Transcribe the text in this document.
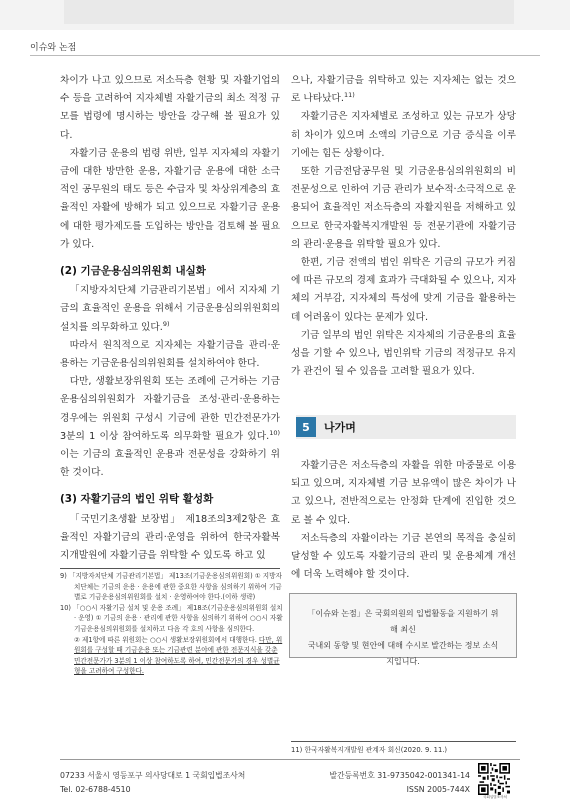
이슈와 논점

차이가 나고 있으므로 저소득층 현황 및 자활기업의 수 등을 고려하여 지자체별 자활기금의 최소 적정 규모를 법령에 명시하는 방안을 강구해 볼 필요가 있다.

자활기금 운용의 법령 위반, 일부 지자체의 자활기금에 대한 방만한 운용, 자활기금 운용에 대한 소극적인 공무원의 태도 등은 수급자 및 차상위계층의 효율적인 자활에 방해가 되고 있으므로 자활기금 운용에 대한 평가제도를 도입하는 방안을 검토해 볼 필요가 있다.

(2) 기금운용심의위원회 내실화

「지방자치단체 기금관리기본법」에서 지자체 기금의 효율적인 운용을 위해서 기금운용심의위원회의 설치를 의무화하고 있다.$^{9)}$

따라서 원칙적으로 지자체는 자활기금을 관리·운용하는 기금운용심의위원회를 설치하여야 한다.

다만, 생활보장위원회 또는 조례에 근거하는 기금운용심의위원회가 자활기금을 조성·관리·운용하는 경우에는 위원회 구성시 기금에 관한 민간전문가가 3분의 1 이상 참여하도록 의무화할 필요가 있다.$^{10)}$ 이는 기금의 효율적인 운용과 전문성을 강화하기 위한 것이다.

(3) 자활기금의 법인 위탁 활성화

「국민기초생활 보장법」 제18조의3제2항은 효율적인 자활기금의 관리·운영을 위하여 한국자활복지개발원에 자활기금을 위탁할 수 있도록 하고 있

으나, 자활기금을 위탁하고 있는 지자체는 없는 것으로 나타났다.$^{11)}$

자활기금은 지자체별로 조성하고 있는 규모가 상당히 차이가 있으며 소액의 기금으로 기금 증식을 이루기에는 힘든 상황이다.

또한 기금전담공무원 및 기금운용심의위원회의 비전문성으로 인하여 기금 관리가 보수적·소극적으로 운용되어 효율적인 저소득층의 자활지원을 저해하고 있으므로 한국자활복지개발원 등 전문기관에 자활기금의 관리·운용을 위탁할 필요가 있다.

한편, 기금 전액의 법인 위탁은 기금의 규모가 커짐에 따른 규모의 경제 효과가 극대화될 수 있으나, 지자체의 거부감, 지자체의 특성에 맞게 기금을 활용하는데 어려움이 있다는 문제가 있다.

기금 일부의 법인 위탁은 지자체의 기금운용의 효율성을 기할 수 있으나, 법인위탁 기금의 적정규모 유지가 관건이 될 수 있음을 고려할 필요가 있다.

5	나가며

자활기금은 저소득층의 자활을 위한 마중물로 이용되고 있으며, 지자체별 기금 보유액이 많은 차이가 나고 있으나, 전반적으로는 안정화 단계에 진입한 것으로 볼 수 있다.

저소득층의 자활이라는 기금 본연의 목적을 충실히 달성할 수 있도록 자활기금의 관리 및 운용체계 개선에 더욱 노력해야 할 것이다.

「이슈와 논점」은 국회의원의 입법활동을 지원하기 위해 최신
국내외 동향 및 현안에 대해 수시로 발간하는 정보 소식지입니다.
9) 「지방자치단체 기금관리기본법」 제13조(기금운용심의위원회) ① 지방자치단체는 기금의 운용 · 운용에 관한 중요한 사항을 심의하기 위하여 기금별로 기금운용심의위원회를 설치 · 운영하여야 한다.(이하 생략)
10) 「○○시 자활기금 설치 및 운용 조례」 제18조(기금운용심의위원회 설치 · 운영) ① 기금의 운용 · 관리에 관한 사항을 심의하기 위하여 ○○시 자활기금운용심의위원회를 설치하고 다음 각 호의 사항을 심의한다.
② 제1항에 따른 위원회는 ○○시 생활보장위원회에서 대행한다. 다만, 위원회를 구성할 때 기금운용 또는 기금관련 분야에 관한 전문지식을 갖춘 민간전문가가 3분의 1 이상 참여하도록 하여, 민간전문가의 경우 성별균형을 고려하여 구성한다.
11) 한국자활복지개발원 관계자 회신(2020. 9. 11.)
07233 서울시 영등포구 의사당대로 1 국회입법조사처
Tel. 02-6788-4510
발간등록번호 31-9735042-001341-14
ISSN 2005-744X
국회입법조사처
